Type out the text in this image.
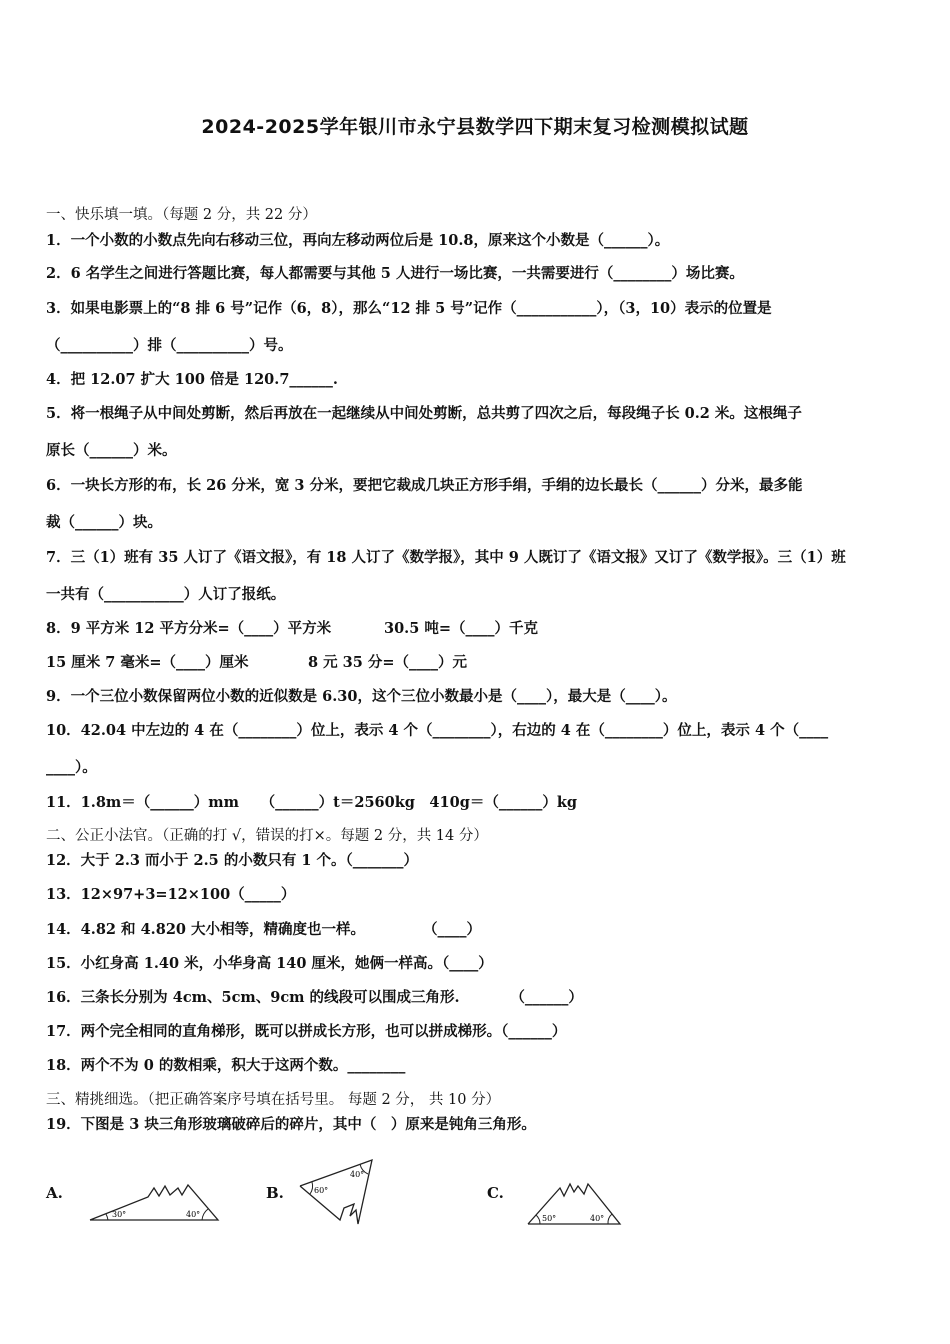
2024-2025学年银川市永宁县数学四下期末复习检测模拟试题
一、快乐填一填。（每题 2 分，共 22 分）
1．一个小数的小数点先向右移动三位，再向左移动两位后是 10.8，原来这个小数是（______）。
2．6 名学生之间进行答题比赛，每人都需要与其他 5 人进行一场比赛，一共需要进行（________）场比赛。
3．如果电影票上的“8 排 6 号”记作（6，8），那么“12 排 5 号”记作（___________），（3，10）表示的位置是
（__________）排（__________）号。
4．把 12.07 扩大 100 倍是 120.7______.
5．将一根绳子从中间处剪断，然后再放在一起继续从中间处剪断，总共剪了四次之后，每段绳子长 0.2 米。这根绳子
原长（______）米。
6．一块长方形的布，长 26 分米，宽 3 分米，要把它裁成几块正方形手绢，手绢的边长最长（______）分米，最多能
裁（______）块。
7．三（1）班有 35 人订了《语文报》，有 18 人订了《数学报》，其中 9 人既订了《语文报》又订了《数学报》。三（1）班
一共有（___________）人订了报纸。
8．9 平方米 12 平方分米=（____）平方米	30.5 吨=（____）千克
15 厘米 7 毫米=（____）厘米	8 元 35 分=（____）元
9．一个三位小数保留两位小数的近似数是 6.30，这个三位小数最小是（____），最大是（____）。
10．42.04 中左边的 4 在（________）位上，表示 4 个（________），右边的 4 在（________）位上，表示 4 个（____
____）。
11．1.8m＝（______）mm　　（______）t＝2560kg　410g＝（______）kg
二、公正小法官。（正确的打 √，错误的打×。每题 2 分，共 14 分）
12．大于 2.3 而小于 2.5 的小数只有 1 个。（_______）
13．12×97+3=12×100（_____）
14．4.82 和 4.820 大小相等，精确度也一样。　　　　　（____）
15．小红身高 1.40 米，小华身高 140 厘米，她俩一样高。（____）
16．三条长分别为 4cm、5cm、9cm 的线段可以围成三角形.　　　　（______）
17．两个完全相同的直角梯形，既可以拼成长方形，也可以拼成梯形。（______）
18．两个不为 0 的数相乘，积大于这两个数。________
三、精挑细选。（把正确答案序号填在括号里。 每题 2 分， 共 10 分）
19．下图是 3 块三角形玻璃破碎后的碎片，其中（　）原来是钝角三角形。
A.
30°	40°
B.	60°
40°
C.
50°	40°
